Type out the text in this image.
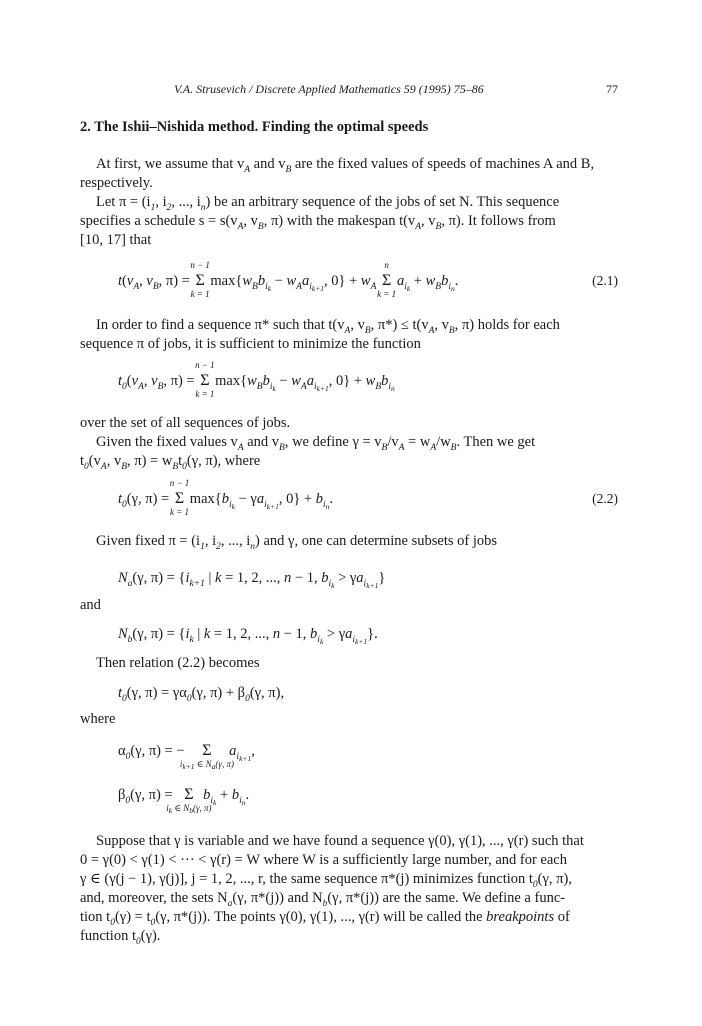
V.A. Strusevich / Discrete Applied Mathematics 59 (1995) 75–86	77
2. The Ishii–Nishida method. Finding the optimal speeds
At first, we assume that $v_A$ and $v_B$ are the fixed values of speeds of machines A and B,
respectively.
Let $\pi = (i_1$, $i_2$, ..., $i_n$) be an arbitrary sequence of the jobs of set N. This sequence
specifies a schedule $s = s(v_A$, $v_B$, π) with the makespan $t(v_A$, $v_B$, π). It follows from
[10, 17] that
$t(v_A$, $v_B$, π) = Σ
n − 1
k = 1
$\max\{w_Bb_{i_k} - w_Aa_{i_{k+1}}$, $0\} + w_A$ Σ
n
k = 1
$a_{i_k} + w_Bb_{i_n}$.	(2.1)
In order to find a sequence π* such that $t(v_A$, $v_B$, $\pi*) \le t(v_A$, $v_B$, π) holds for each
sequence π of jobs, it is sufficient to minimize the function
$t_0(v_A$, $v_B$, π) = Σ
n − 1
k = 1
$\max\{w_Bb_{i_k} - w_Aa_{i_{k+1}}$, $0\} + w_Bb_{i_n}$
over the set of all sequences of jobs.
Given the fixed values $v_A$ and $v_B$, we define $\gamma = v_B/v_A = w_A/w_B$. Then we get
$t_0(v_A$, $v_B$, $\pi) = w_Bt_0(\gamma$, π), where
$t_0(\gamma$, π) = Σ
n − 1
k = 1
$\max\{b_{i_k} - \gamma a_{i_{k+1}}$, $0\} + b_{i_n}$.	(2.2)
Given fixed $\pi = (i_1$, $i_2$, ..., $i_n$) and γ, one can determine subsets of jobs
$N_a(\gamma$, $\pi) = \{i_{k+1}$ | k = 1, 2, ..., n − 1, $b_{i_k} > \gamma a_{i_{k+1}}$}
and
$N_b(\gamma$, $\pi) = \{i_k$ | k = 1, 2, ..., n − 1, $b_{i_k} > \gamma a_{i_{k+1}}$}.
Then relation (2.2) becomes
$t_0(\gamma$, $\pi) = \gamma\alpha_0(\gamma$, $\pi) + \beta_0(\gamma$, π),
where
$\alpha_0(\gamma$, π) = − Σ
$i_{k+1}$ ∈ $N_a(\gamma$, π)
$a_{i_{k+1}}$,
$\beta_0(\gamma$, π) = Σ
$i_k$ ∈ $N_b(\gamma$, π)
$b_{i_k} + b_{i_n}$.
Suppose that γ is variable and we have found a sequence γ(0), γ(1), ..., γ(r) such that
0 = γ(0) < γ(1) < ··· < γ(r) = W where W is a sufficiently large number, and for each
γ ∈ (γ(j − 1), γ(j)], j = 1, 2, ..., r, the same sequence π*(j) minimizes function $t_0(\gamma$, π),
and, moreover, the sets $N_a(\gamma$, π*(j)) and $N_b(\gamma$, π*(j)) are the same. We define a func-
tion $t_0(\gamma) = t_0(\gamma$, π*(j)). The points γ(0), γ(1), ..., γ(r) will be called the breakpoints of
function $t_0(\gamma)$.
